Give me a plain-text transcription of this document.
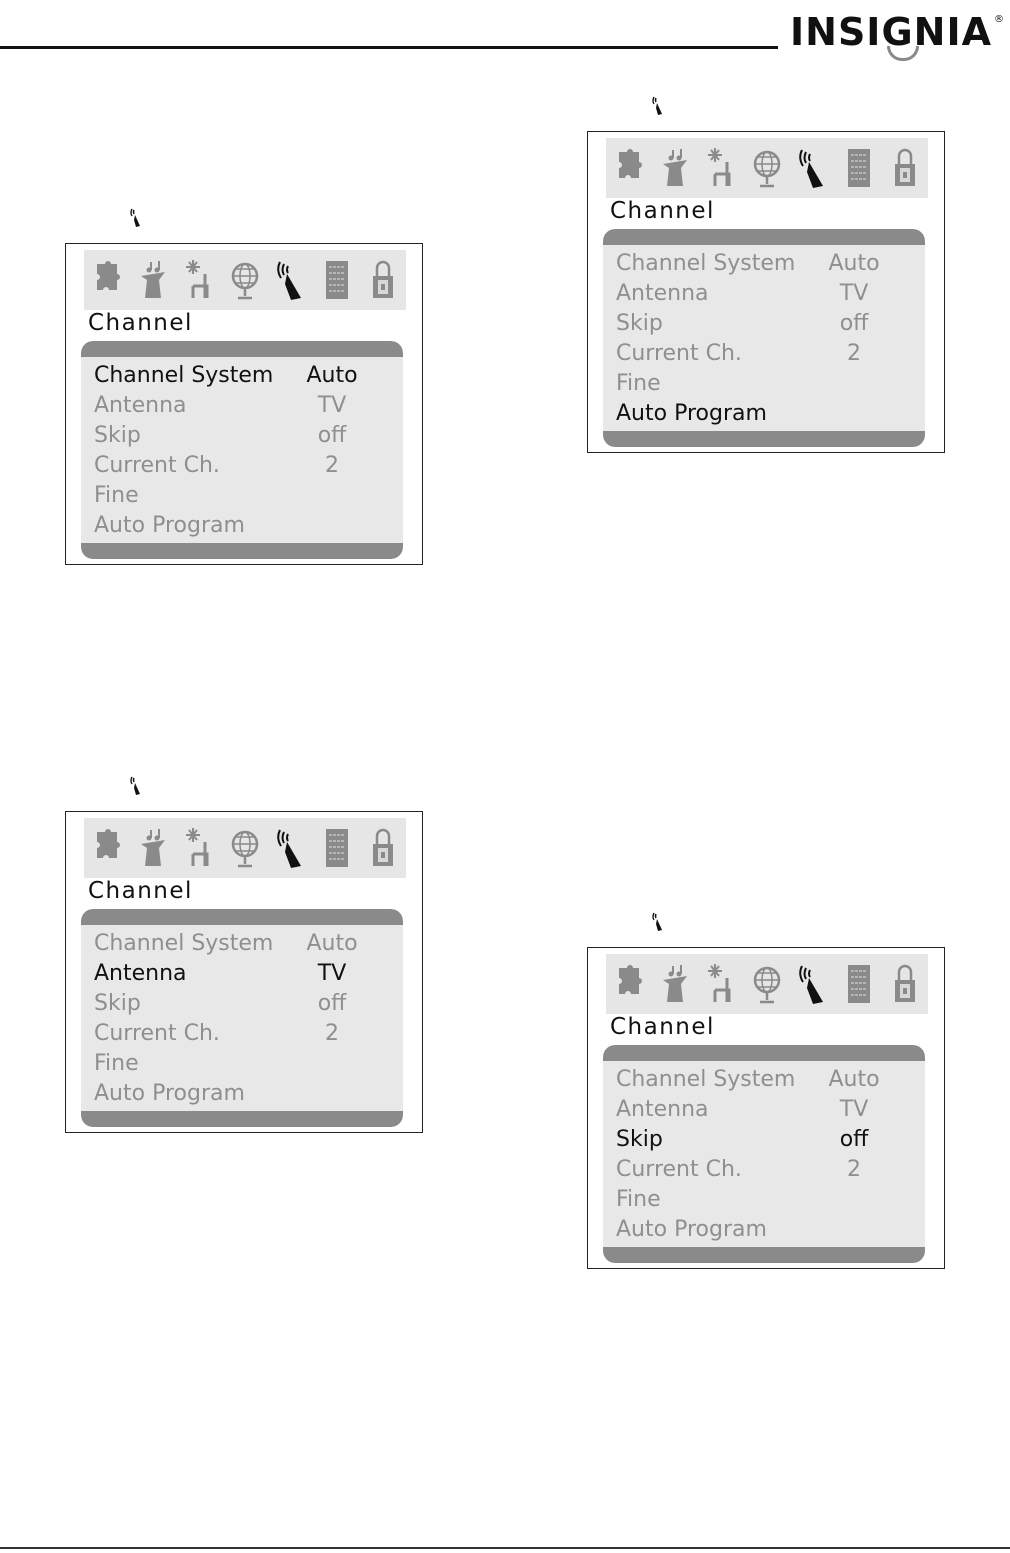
INSIGNIA ®
Channel
Channel System Auto
Antenna	TV
Skip	off
Current Ch.	2
Fine
Auto Program
Channel
Channel System Auto
Antenna	TV
Skip	off
Current Ch.	2
Fine
Auto Program
Channel
Channel System Auto
Antenna	TV
Skip	off
Current Ch.	2
Fine
Auto Program
Channel
Channel System Auto
Antenna	TV
Skip	off
Current Ch.	2
Fine
Auto Program
